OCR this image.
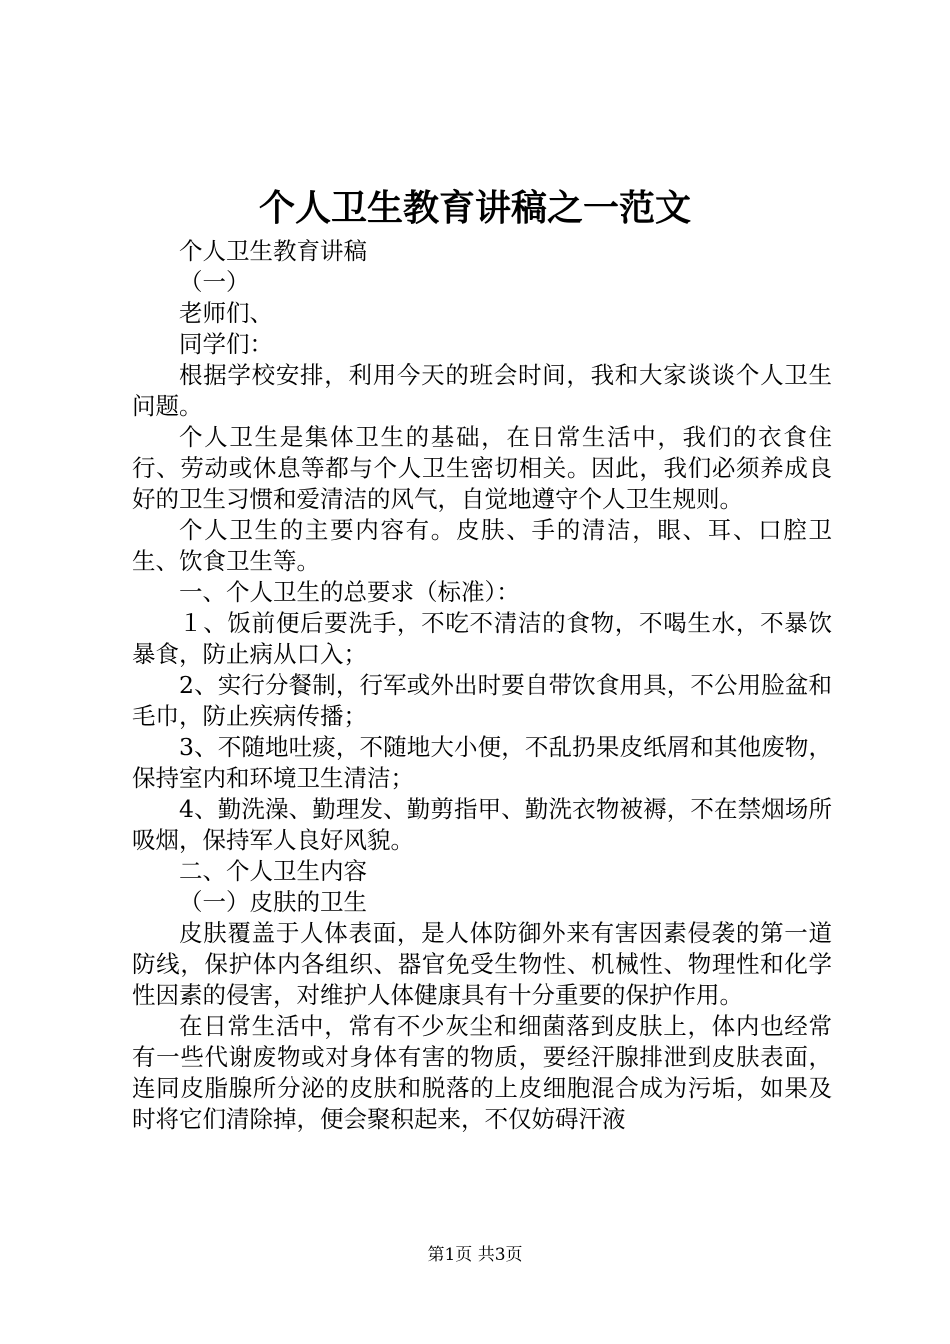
个人卫生教育讲稿之一范文

个人卫生教育讲稿

（一）

老师们、

同学们：

根据学校安排，利用今天的班会时间，我和大家谈谈个人卫生问题。

个人卫生是集体卫生的基础，在日常生活中，我们的衣食住行、劳动或休息等都与个人卫生密切相关。因此，我们必须养成良好的卫生习惯和爱清洁的风气，自觉地遵守个人卫生规则。

个人卫生的主要内容有。皮肤、手的清洁，眼、耳、口腔卫生、饮食卫生等。

一、个人卫生的总要求（标准）：

１、饭前便后要洗手，不吃不清洁的食物，不喝生水，不暴饮暴食，防止病从口入；

2、实行分餐制，行军或外出时要自带饮食用具，不公用脸盆和毛巾，防止疾病传播；

3、不随地吐痰，不随地大小便，不乱扔果皮纸屑和其他废物，保持室内和环境卫生清洁；

4、勤洗澡、勤理发、勤剪指甲、勤洗衣物被褥，不在禁烟场所吸烟，保持军人良好风貌。

二、个人卫生内容

（一）皮肤的卫生

皮肤覆盖于人体表面，是人体防御外来有害因素侵袭的第一道防线，保护体内各组织、器官免受生物性、机械性、物理性和化学性因素的侵害，对维护人体健康具有十分重要的保护作用。

在日常生活中，常有不少灰尘和细菌落到皮肤上，体内也经常有一些代谢废物或对身体有害的物质，要经汗腺排泄到皮肤表面，连同皮脂腺所分泌的皮肤和脱落的上皮细胞混合成为污垢，如果及时将它们清除掉，便会聚积起来，不仅妨碍汗液

第1页 共3页
